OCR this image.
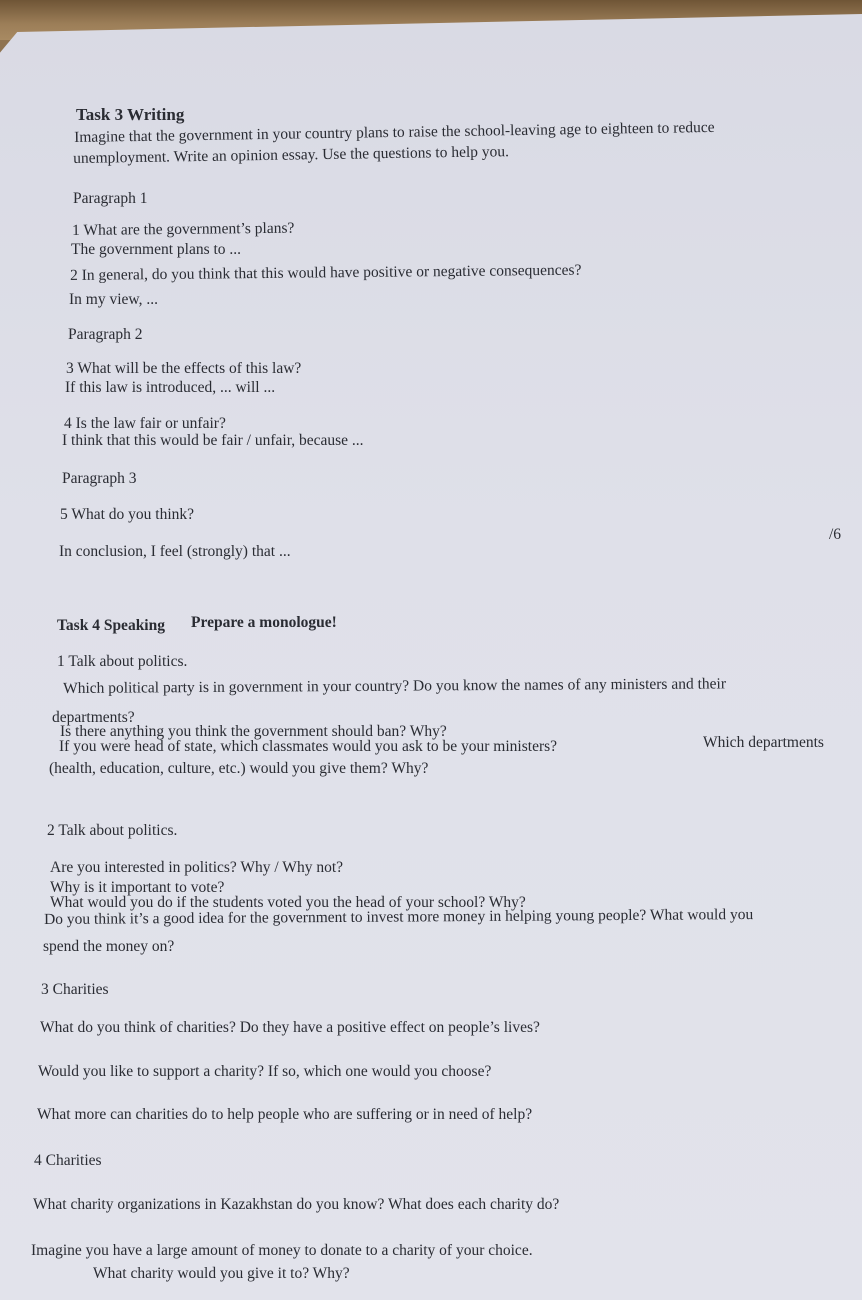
Task 3 Writing

Imagine that the government in your country plans to raise the school-leaving age to eighteen to reduce

unemployment. Write an opinion essay. Use the questions to help you.

Paragraph 1

1 What are the government’s plans?

The government plans to ...

2 In general, do you think that this would have positive or negative consequences?

In my view, ...

Paragraph 2

3 What will be the effects of this law?

If this law is introduced, ... will ...

4 Is the law fair or unfair?

I think that this would be fair / unfair, because ...

Paragraph 3

5 What do you think?

In conclusion, I feel (strongly) that ...

/6

Task 4 Speaking Prepare a monologue!

1 Talk about politics.

Which political party is in government in your country? Do you know the names of any ministers and their

departments?

Is there anything you think the government should ban? Why?

If you were head of state, which classmates would you ask to be your ministers?	Which departments

(health, education, culture, etc.) would you give them? Why?

2 Talk about politics.

Are you interested in politics? Why / Why not?

Why is it important to vote?

What would you do if the students voted you the head of your school? Why?

Do you think it’s a good idea for the government to invest more money in helping young people? What would you

spend the money on?

3 Charities

What do you think of charities? Do they have a positive effect on people’s lives?

Would you like to support a charity? If so, which one would you choose?

What more can charities do to help people who are suffering or in need of help?

4 Charities

What charity organizations in Kazakhstan do you know? What does each charity do?

Imagine you have a large amount of money to donate to a charity of your choice.

What charity would you give it to? Why?
